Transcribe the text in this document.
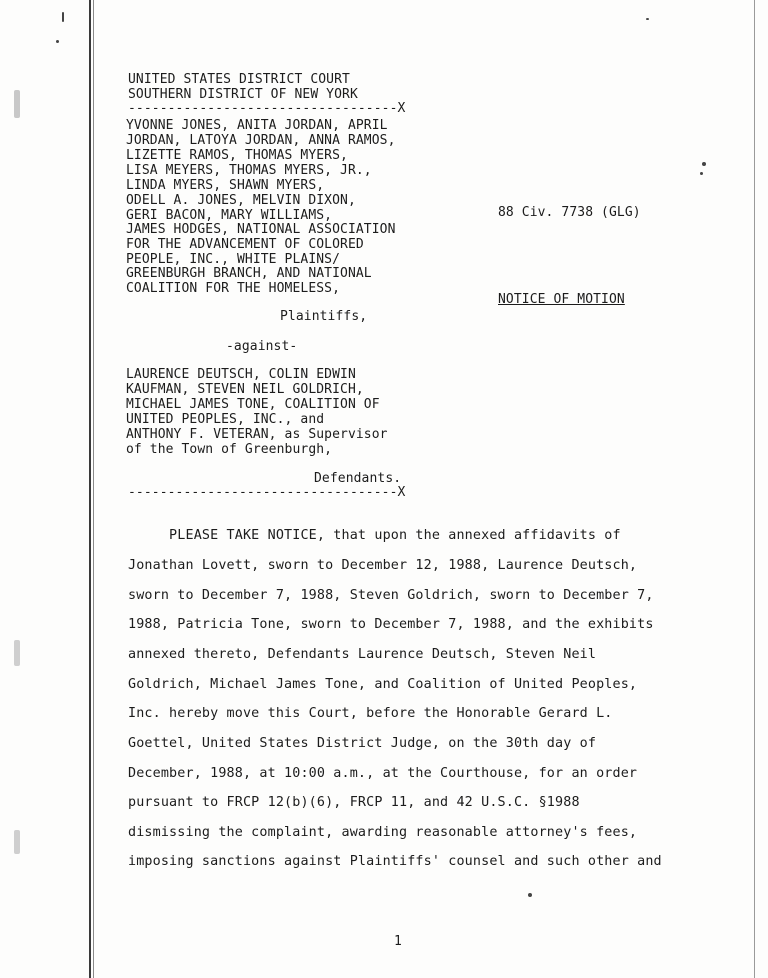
UNITED STATES DISTRICT COURT
SOUTHERN DISTRICT OF NEW YORK
----------------------------------X
YVONNE JONES, ANITA JORDAN, APRIL
JORDAN, LATOYA JORDAN, ANNA RAMOS,
LIZETTE RAMOS, THOMAS MYERS,
LISA MEYERS, THOMAS MYERS, JR.,
LINDA MYERS, SHAWN MYERS,
ODELL A. JONES, MELVIN DIXON,
GERI BACON, MARY WILLIAMS,
JAMES HODGES, NATIONAL ASSOCIATION
FOR THE ADVANCEMENT OF COLORED
PEOPLE, INC., WHITE PLAINS/
GREENBURGH BRANCH, AND NATIONAL
COALITION FOR THE HOMELESS,
88 Civ. 7738 (GLG)
NOTICE OF MOTION
Plaintiffs,
-against-
LAURENCE DEUTSCH, COLIN EDWIN
KAUFMAN, STEVEN NEIL GOLDRICH,
MICHAEL JAMES TONE, COALITION OF
UNITED PEOPLES, INC., and
ANTHONY F. VETERAN, as Supervisor
of the Town of Greenburgh,
Defendants.
----------------------------------X
PLEASE TAKE NOTICE, that upon the annexed affidavits of
Jonathan Lovett, sworn to December 12, 1988, Laurence Deutsch,
sworn to December 7, 1988, Steven Goldrich, sworn to December 7,
1988, Patricia Tone, sworn to December 7, 1988, and the exhibits
annexed thereto, Defendants Laurence Deutsch, Steven Neil
Goldrich, Michael James Tone, and Coalition of United Peoples,
Inc. hereby move this Court, before the Honorable Gerard L.
Goettel, United States District Judge, on the 30th day of
December, 1988, at 10:00 a.m., at the Courthouse, for an order
pursuant to FRCP 12(b)(6), FRCP 11, and 42 U.S.C. §1988
dismissing the complaint, awarding reasonable attorney's fees,
imposing sanctions against Plaintiffs' counsel and such other and
1
